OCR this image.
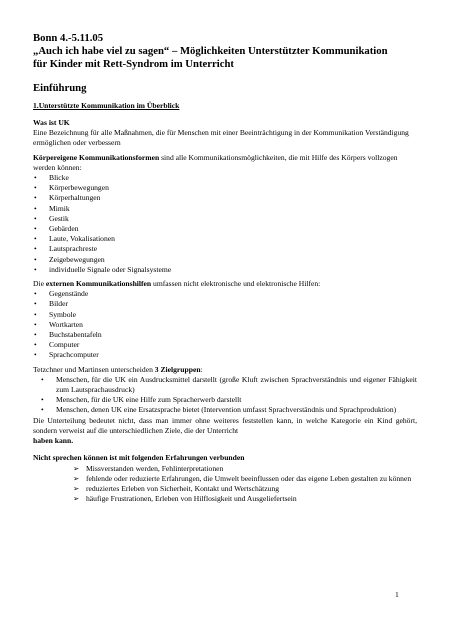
Bonn 4.-5.11.05

„Auch ich habe viel zu sagen“ – Möglichkeiten Unterstützter Kommunikation

für Kinder mit Rett-Syndrom im Unterricht

Einführung

1.Unterstützte Kommunikation im Überblick

Was ist UK

Eine Bezeichnung für alle Maßnahmen, die für Menschen mit einer Beeinträchtigung in der Kommunikation Verständigung ermöglichen oder verbessern

Körpereigene Kommunikationsformen sind alle Kommunikationsmöglichkeiten, die mit Hilfe des Körpers vollzogen werden können:

• Blicke
• Körperbewegungen
• Körperhaltungen
• Mimik
• Gestik
• Gebärden
• Laute, Vokalisationen
• Lautsprachreste
• Zeigebewegungen
• individuelle Signale oder Signalsysteme

Die externen Kommunikationshilfen umfassen nicht elektronische und elektronische Hilfen:

• Gegenstände
• Bilder
• Symbole
• Wortkarten
• Buchstabentafeln
• Computer
• Sprachcomputer

Tetzchner und Martinsen unterscheiden 3 Zielgruppen:

• Menschen, für die UK ein Ausdrucksmittel darstellt (große Kluft zwischen Sprachverständnis und eigener Fähigkeit zum Lautsprachausdruck)
• Menschen, für die UK eine Hilfe zum Spracherwerb darstellt
• Menschen, denen UK eine Ersatzsprache bietet (Intervention umfasst Sprachverständnis und Sprachproduktion)

Die Unterteilung bedeutet nicht, dass man immer ohne weiteres feststellen kann, in welche Kategorie ein Kind gehört, sondern verweist auf die unterschiedlichen Ziele, die der Unterricht

haben kann.

Nicht sprechen können ist mit folgenden Erfahrungen verbunden

➢ Missverstanden werden, Fehlinterpretationen
➢ fehlende oder reduzierte Erfahrungen, die Umwelt beeinflussen oder das eigene Leben gestalten zu können
➢ reduziertes Erleben von Sicherheit, Kontakt und Wertschätzung
➢ häufige Frustrationen, Erleben von Hilflosigkeit und Ausgeliefertsein
1
